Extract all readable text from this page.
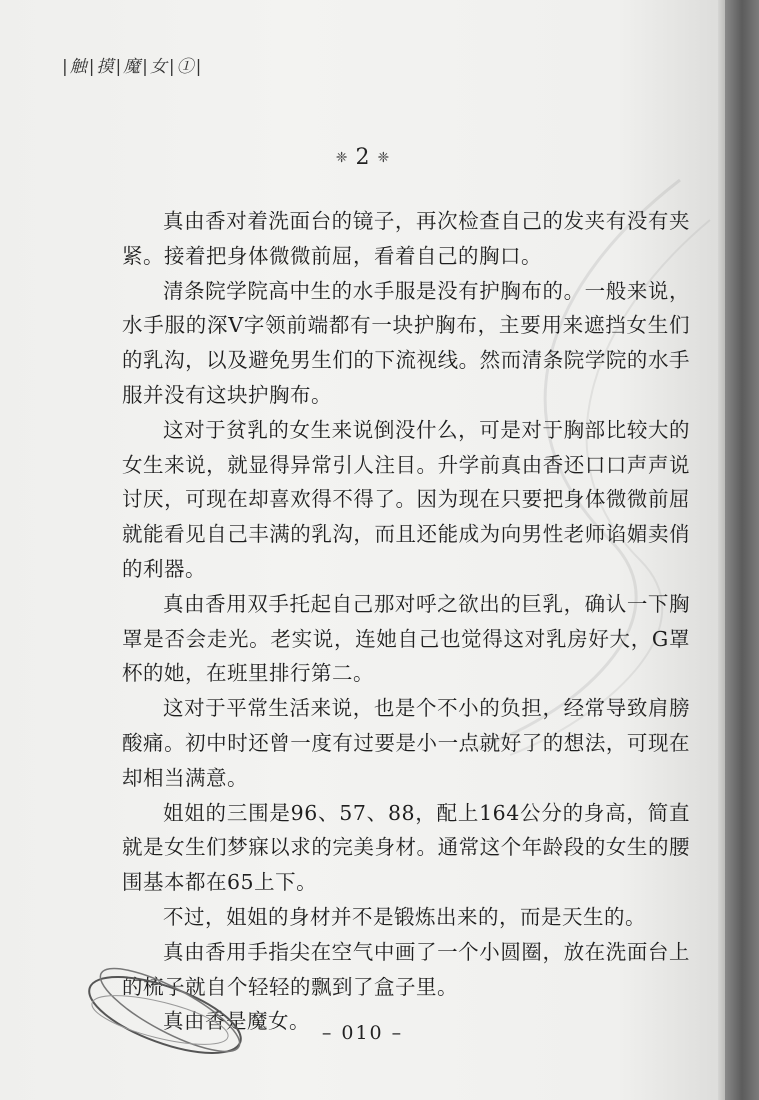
|触|摸|魔|女|①|
❈ 2 ❈

真由香对着洗面台的镜子，再次检查自己的发夹有没有夹紧。接着把身体微微前屈，看着自己的胸口。

清条院学院高中生的水手服是没有护胸布的。一般来说，水手服的深V字领前端都有一块护胸布，主要用来遮挡女生们的乳沟，以及避免男生们的下流视线。然而清条院学院的水手服并没有这块护胸布。

这对于贫乳的女生来说倒没什么，可是对于胸部比较大的女生来说，就显得异常引人注目。升学前真由香还口口声声说讨厌，可现在却喜欢得不得了。因为现在只要把身体微微前屈就能看见自己丰满的乳沟，而且还能成为向男性老师谄媚卖俏的利器。

真由香用双手托起自己那对呼之欲出的巨乳，确认一下胸罩是否会走光。老实说，连她自己也觉得这对乳房好大，G罩杯的她，在班里排行第二。

这对于平常生活来说，也是个不小的负担，经常导致肩膀酸痛。初中时还曾一度有过要是小一点就好了的想法，可现在却相当满意。

姐姐的三围是96、57、88，配上164公分的身高，简直就是女生们梦寐以求的完美身材。通常这个年龄段的女生的腰围基本都在65上下。

不过，姐姐的身材并不是锻炼出来的，而是天生的。

真由香用手指尖在空气中画了一个小圆圈，放在洗面台上的梳子就自个轻轻的飘到了盒子里。

真由香是魔女。 – 010 –
